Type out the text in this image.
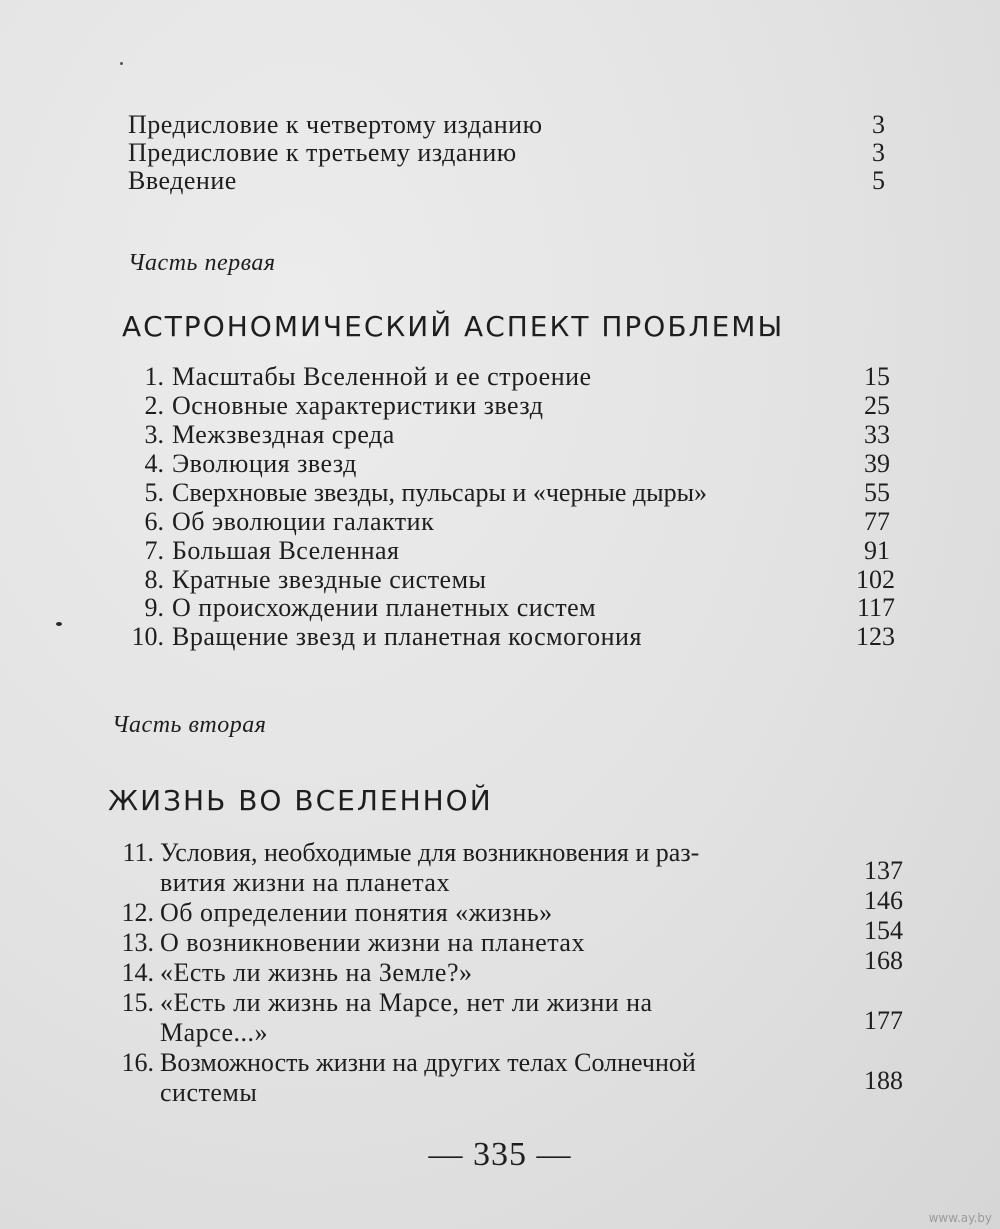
Предисловие к четвертому изданию	3
Предисловие к третьему изданию	3
Введение	5
Часть первая
АСТРОНОМИЧЕСКИЙ АСПЕКТ ПРОБЛЕМЫ
1. Масштабы Вселенной и ее строение	15
2. Основные характеристики звезд	25
3. Межзвездная среда	33
4. Эволюция звезд	39
5. Сверхновые звезды, пульсары и «черные дыры»	55
6. Об эволюции галактик	77
7. Большая Вселенная	91
8. Кратные звездные системы	102
9. О происхождении планетных систем	117
10. Вращение звезд и планетная космогония	123
Часть вторая
ЖИЗНЬ ВО ВСЕЛЕННОЙ
11. Условия, необходимые для возникновения и раз-
вития жизни на планетах	137
12. Об определении понятия «жизнь»	146
13. О возникновении жизни на планетах	154
14. «Есть ли жизнь на Земле?»	168
15. «Есть ли жизнь на Марсе, нет ли жизни на
Марсе...»	177
16. Возможность жизни на других телах Солнечной
системы	188
— 335 —
www.ay.by
